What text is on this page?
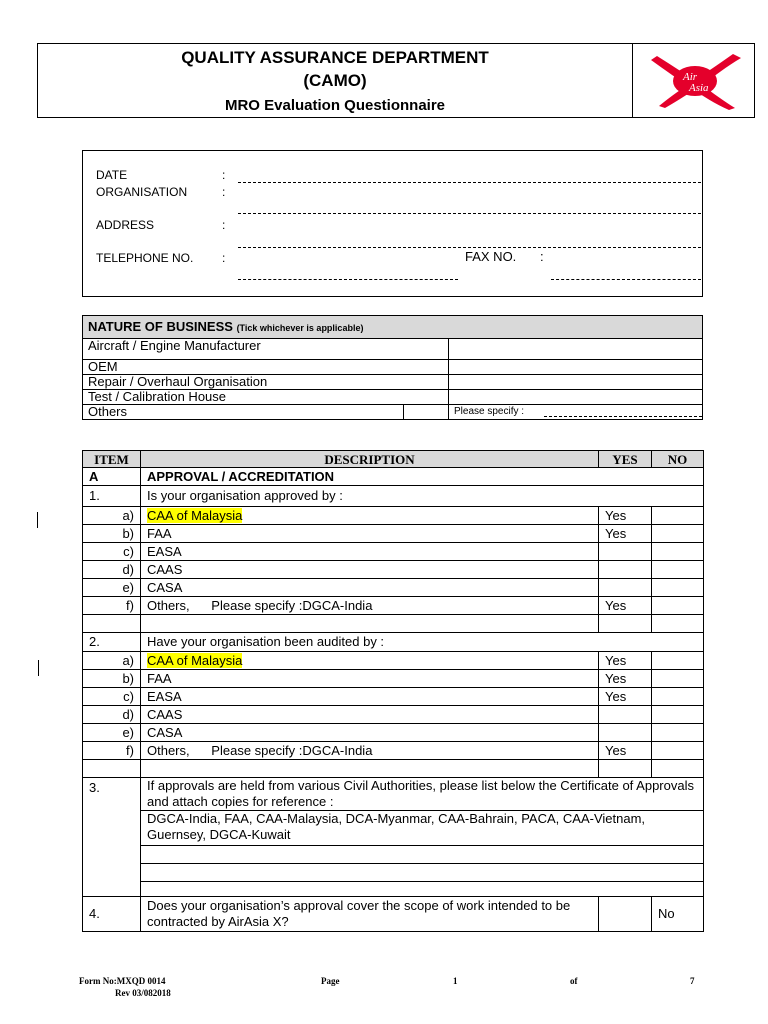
QUALITY ASSURANCE DEPARTMENT
(CAMO)
MRO Evaluation Questionnaire
Air
Asia
DATE	:
ORGANISATION	:
ADDRESS	:
TELEPHONE NO. :	FAX NO. :
NATURE OF BUSINESS (Tick whichever is applicable)			
Aircraft / Engine Manufacturer			
OEM			
Repair / Overhaul Organisation			
Test / Calibration House			
Others		Please specify :	
ITEM	DESCRIPTION	YES	NO
A	APPROVAL / ACCREDITATION		
1.	Is your organisation approved by :		
a)	CAA of Malaysia	Yes	
b)	FAA	Yes	
c)	EASA		
d)	CAAS		
e)	CASA		
f)	Others,      Please specify :DGCA-India	Yes	

2.	Have your organisation been audited by :		
a)	CAA of Malaysia	Yes	
b)	FAA	Yes	
c)	EASA	Yes	
d)	CAAS		
e)	CASA		
f)	Others,      Please specify :DGCA-India	Yes	

3.	If approvals are held from various Civil Authorities, please list below the Certificate of Approvals and attach copies for reference :		
	DGCA-India, FAA, CAA-Malaysia, DCA-Myanmar, CAA-Bahrain, PACA, CAA-Vietnam, Guernsey, DGCA-Kuwait		

4.	Does your organisation’s approval cover the scope of work intended to be contracted by AirAsia X?		No
Form No:MXQD 0014
Rev 03/082018
Page	1	of	7
